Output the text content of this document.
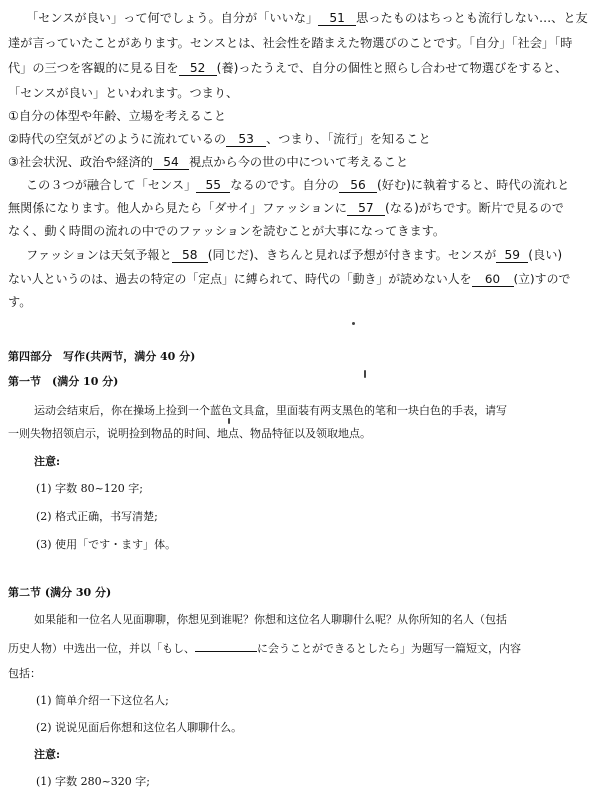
「センスが良い」って何でしょう。自分が「いいな」 51 思ったものはちっとも流行しない…、と友
達が言っていたことがあります。センスとは、社会性を踏まえた物選びのことです。「自分」「社会」「時
代」の三つを客観的に見る目を 52 (養)ったうえで、自分の個性と照らし合わせて物選びをすると、
「センスが良い」といわれます。つまり、
①自分の体型や年齢、立場を考えること
②時代の空気がどのように流れているの 53 、つまり、「流行」を知ること
③社会状況、政治や経済的 54 視点から今の世の中について考えること
この３つが融合して「センス」 55 なるのです。自分の 56 (好む)に執着すると、時代の流れと
無関係になります。他人から見たら「ダサイ」ファッションに 57 (なる)がちです。断片で見るので
なく、動く時間の流れの中でのファッションを読むことが大事になってきます。
ファッションは天気予報と 58 (同じだ)、きちんと見れば予想が付きます。センスが 59 (良い)
ない人というのは、過去の特定の「定点」に縛られて、時代の「動き」が読めない人を 60 (立)すので
す。
第四部分　写作(共两节，满分 40 分)
第一节　(满分 10 分)
运动会结束后，你在操场上捡到一个蓝色文具盒，里面装有两支黑色的笔和一块白色的手表，请写
一则失物招领启示，说明捡到物品的时间、地点、物品特征以及领取地点。
注意:
(1) 字数 80~120 字;
(2) 格式正确，书写清楚;
(3) 使用「です・ます」体。
第二节 (满分 30 分)
如果能和一位名人见面聊聊，你想见到谁呢？你想和这位名人聊聊什么呢？从你所知的名人（包括
历史人物）中选出一位，并以「もし、	に会うことができるとしたら」为题写一篇短文，内容
包括：
(1) 简单介绍一下这位名人;
(2) 说说见面后你想和这位名人聊聊什么。
注意:
(1) 字数 280~320 字;
